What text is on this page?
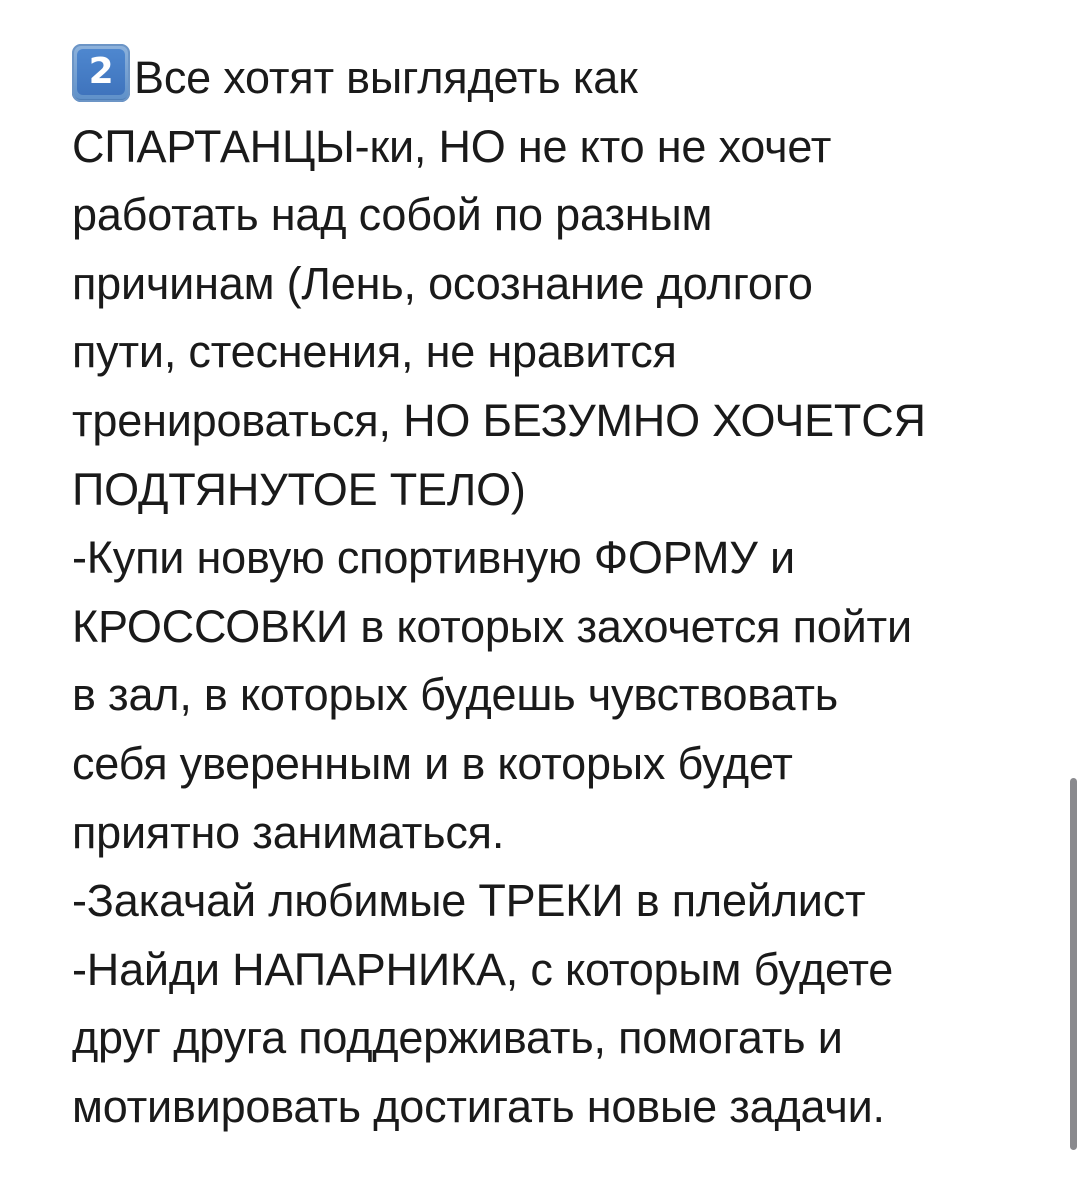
2 Все хотят выглядеть как
СПАРТАНЦЫ-ки, НО не кто не хочет
работать над собой по разным
причинам (Лень, осознание долгого
пути, стеснения, не нравится
тренироваться, НО БЕЗУМНО ХОЧЕТСЯ
ПОДТЯНУТОЕ ТЕЛО)
-Купи новую спортивную ФОРМУ и
КРОССОВКИ в которых захочется пойти
в зал, в которых будешь чувствовать
себя уверенным и в которых будет
приятно заниматься.
-Закачай любимые ТРЕКИ в плейлист
-Найди НАПАРНИКА, с которым будете
друг друга поддерживать, помогать и
мотивировать достигать новые задачи.
